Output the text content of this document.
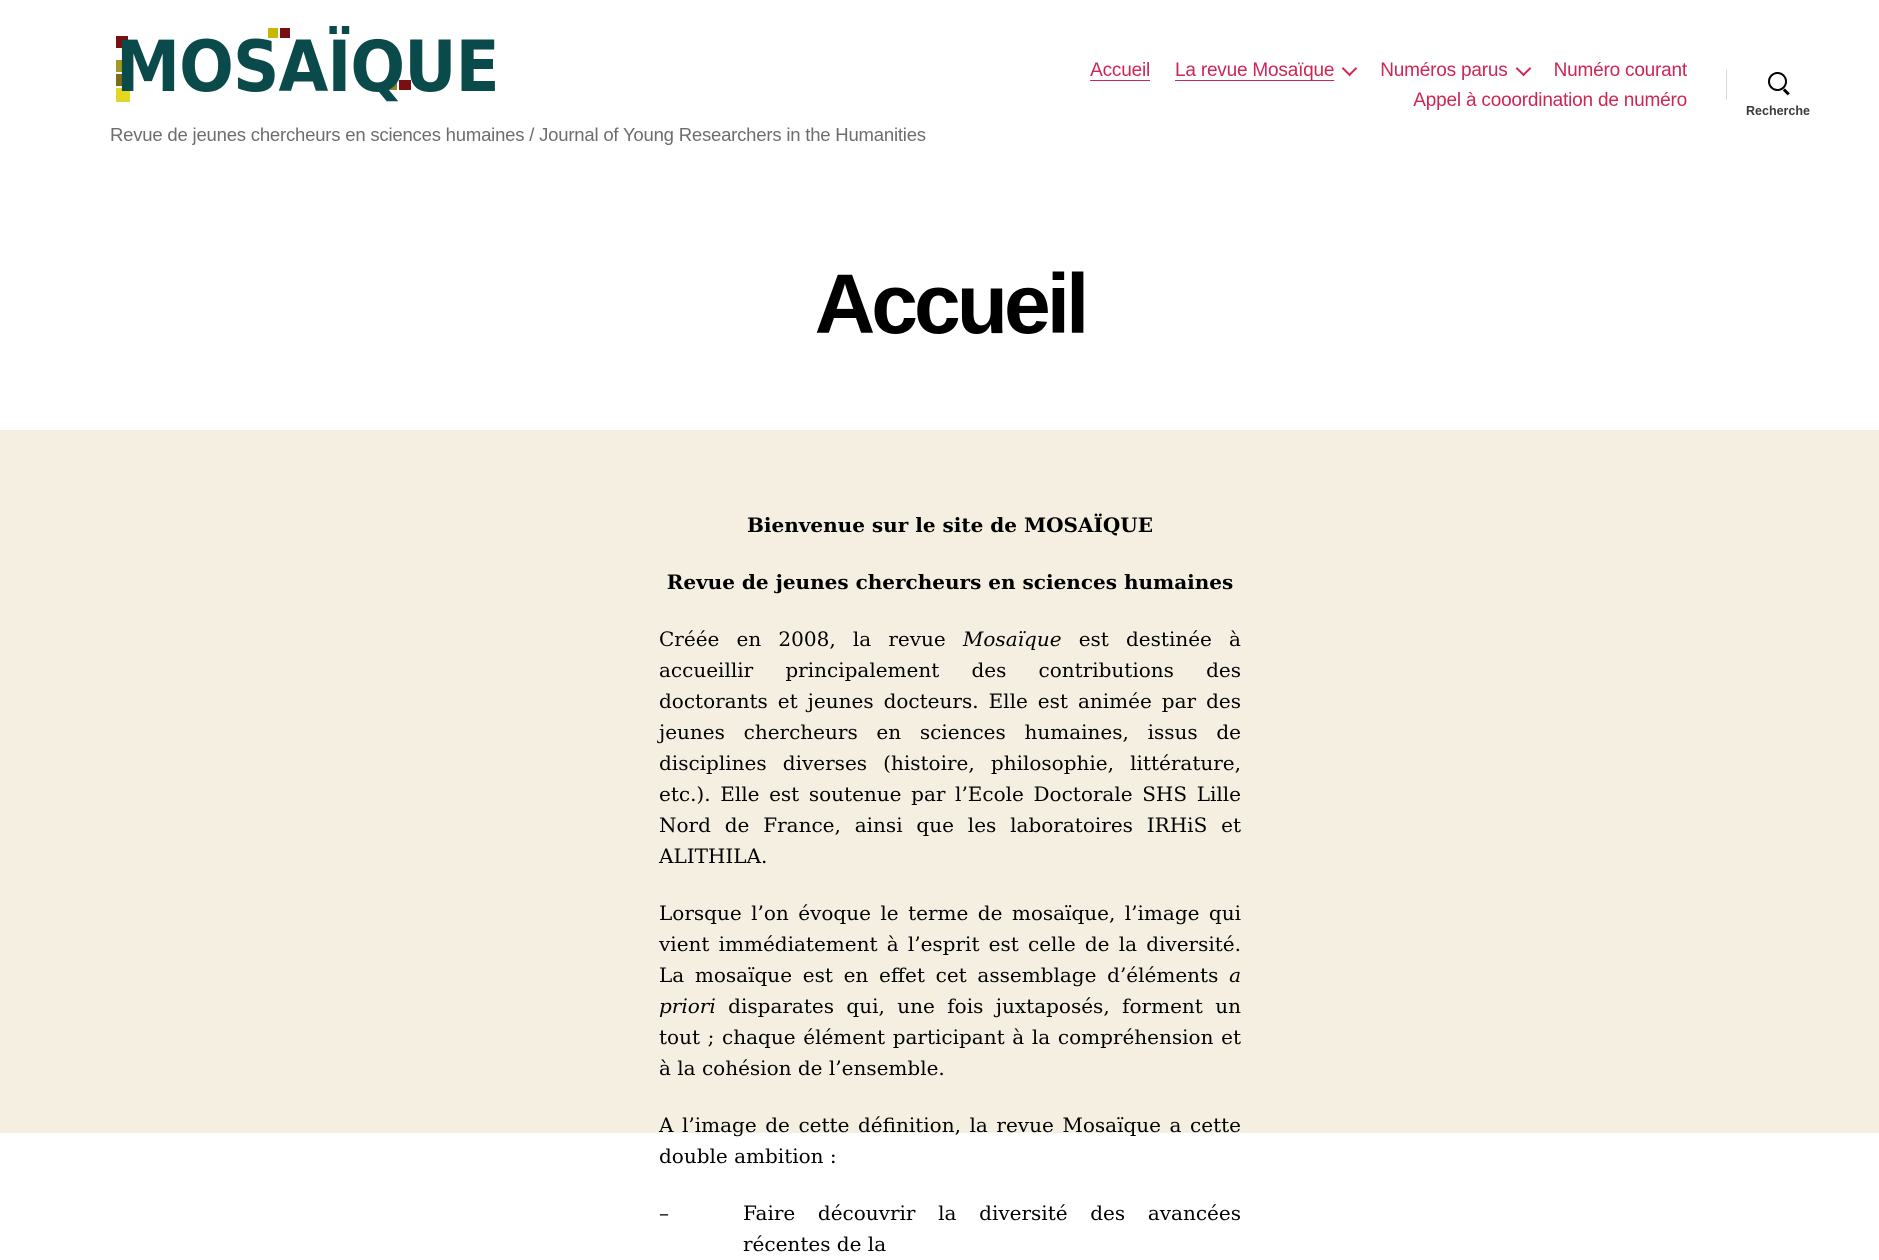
MOSAÏQUE
Revue de jeunes chercheurs en sciences humaines / Journal of Young Researchers in the Humanities
Accueil La revue Mosaïque Numéros parus Numéro courant
Appel à cooordination de numéro	Recherche
Accueil

Bienvenue sur le site de MOSAÏQUE

Revue de jeunes chercheurs en sciences humaines

Créée en 2008, la revue Mosaïque est destinée à accueillir principalement des contributions des doctorants et jeunes docteurs. Elle est animée par des jeunes chercheurs en sciences humaines, issus de disciplines diverses (histoire, philosophie, littérature, etc.). Elle est soutenue par l’Ecole Doctorale SHS Lille Nord de France, ainsi que les laboratoires IRHiS et ALITHILA.

Lorsque l’on évoque le terme de mosaïque, l’image qui vient immédiatement à l’esprit est celle de la diversité. La mosaïque est en effet cet assemblage d’éléments a priori disparates qui, une fois juxtaposés, forment un tout ; chaque élément participant à la compréhension et à la cohésion de l’ensemble.

A l’image de cette définition, la revue Mosaïque a cette double ambition :

–	Faire découvrir la diversité des avancées récentes de la
